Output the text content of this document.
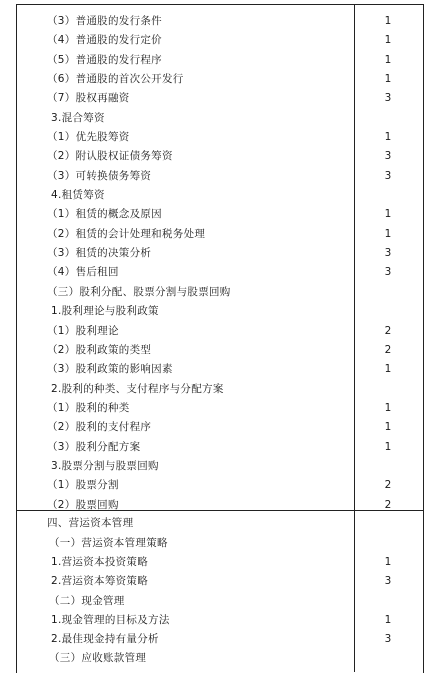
（3）普通股的发行条件	1
（4）普通股的发行定价	1
（5）普通股的发行程序	1
（6）普通股的首次公开发行	1
（7）股权再融资	3
3.混合筹资
（1）优先股筹资	1
（2）附认股权证债务筹资	3
（3）可转换债务筹资	3
4.租赁筹资
（1）租赁的概念及原因	1
（2）租赁的会计处理和税务处理	1
（3）租赁的决策分析	3
（4）售后租回	3
（三）股利分配、股票分割与股票回购
1.股利理论与股利政策
（1）股利理论	2
（2）股利政策的类型	2
（3）股利政策的影响因素	1
2.股利的种类、支付程序与分配方案
（1）股利的种类	1
（2）股利的支付程序	1
（3）股利分配方案	1
3.股票分割与股票回购
（1）股票分割	2
（2）股票回购	2
四、营运资本管理
（一）营运资本管理策略
1.营运资本投资策略	1
2.营运资本筹资策略	3
（二）现金管理
1.现金管理的目标及方法	1
2.最佳现金持有量分析	3
（三）应收账款管理
